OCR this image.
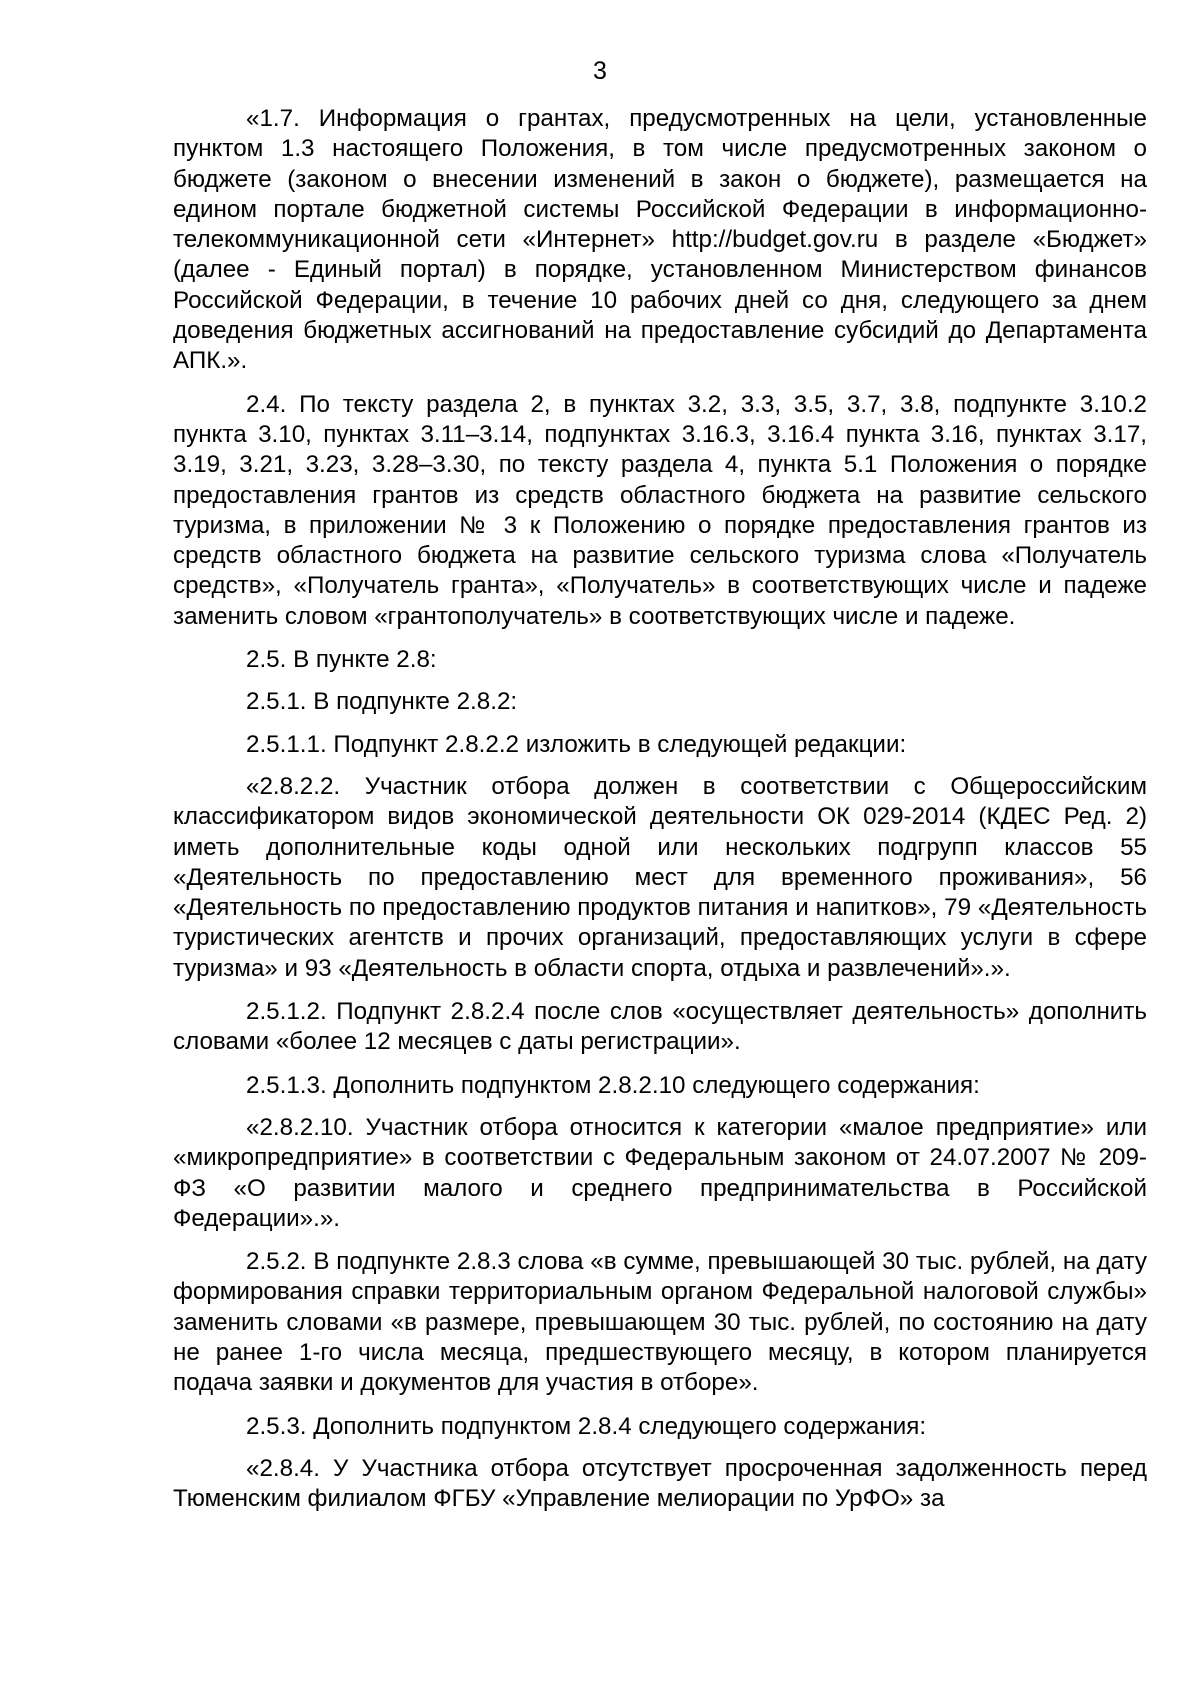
3

«1.7. Информация о грантах, предусмотренных на цели, установленные пунктом 1.3 настоящего Положения, в том числе предусмотренных законом о бюджете (законом о внесении изменений в закон о бюджете), размещается на едином портале бюджетной системы Российской Федерации в информационно-телекоммуникационной сети «Интернет» http://budget.gov.ru в разделе «Бюджет» (далее - Единый портал) в порядке, установленном Министерством финансов Российской Федерации, в течение 10 рабочих дней со дня, следующего за днем доведения бюджетных ассигнований на предоставление субсидий до Департамента АПК.».

2.4. По тексту раздела 2, в пунктах 3.2, 3.3, 3.5, 3.7, 3.8, подпункте 3.10.2 пункта 3.10, пунктах 3.11–3.14, подпунктах 3.16.3, 3.16.4 пункта 3.16, пунктах 3.17, 3.19, 3.21, 3.23, 3.28–3.30, по тексту раздела 4, пункта 5.1 Положения о порядке предоставления грантов из средств областного бюджета на развитие сельского туризма, в приложении № 3 к Положению о порядке предоставления грантов из средств областного бюджета на развитие сельского туризма слова «Получатель средств», «Получатель гранта», «Получатель» в соответствующих числе и падеже заменить словом «грантополучатель» в соответствующих числе и падеже.

2.5. В пункте 2.8:

2.5.1. В подпункте 2.8.2:

2.5.1.1. Подпункт 2.8.2.2 изложить в следующей редакции:

«2.8.2.2. Участник отбора должен в соответствии с Общероссийским классификатором видов экономической деятельности ОК 029-2014 (КДЕС Ред. 2) иметь дополнительные коды одной или нескольких подгрупп классов 55 «Деятельность по предоставлению мест для временного проживания», 56 «Деятельность по предоставлению продуктов питания и напитков», 79 «Деятельность туристических агентств и прочих организаций, предоставляющих услуги в сфере туризма» и 93 «Деятельность в области спорта, отдыха и развлечений».».

2.5.1.2. Подпункт 2.8.2.4 после слов «осуществляет деятельность» дополнить словами «более 12 месяцев с даты регистрации».

2.5.1.3. Дополнить подпунктом 2.8.2.10 следующего содержания:

«2.8.2.10. Участник отбора относится к категории «малое предприятие» или «микропредприятие» в соответствии с Федеральным законом от 24.07.2007 № 209-ФЗ «О развитии малого и среднего предпринимательства в Российской Федерации».».

2.5.2. В подпункте 2.8.3 слова «в сумме, превышающей 30 тыс. рублей, на дату формирования справки территориальным органом Федеральной налоговой службы» заменить словами «в размере, превышающем 30 тыс. рублей, по состоянию на дату не ранее 1-го числа месяца, предшествующего месяцу, в котором планируется подача заявки и документов для участия в отборе».

2.5.3. Дополнить подпунктом 2.8.4 следующего содержания:

«2.8.4. У Участника отбора отсутствует просроченная задолженность перед Тюменским филиалом ФГБУ «Управление мелиорации по УрФО» за
